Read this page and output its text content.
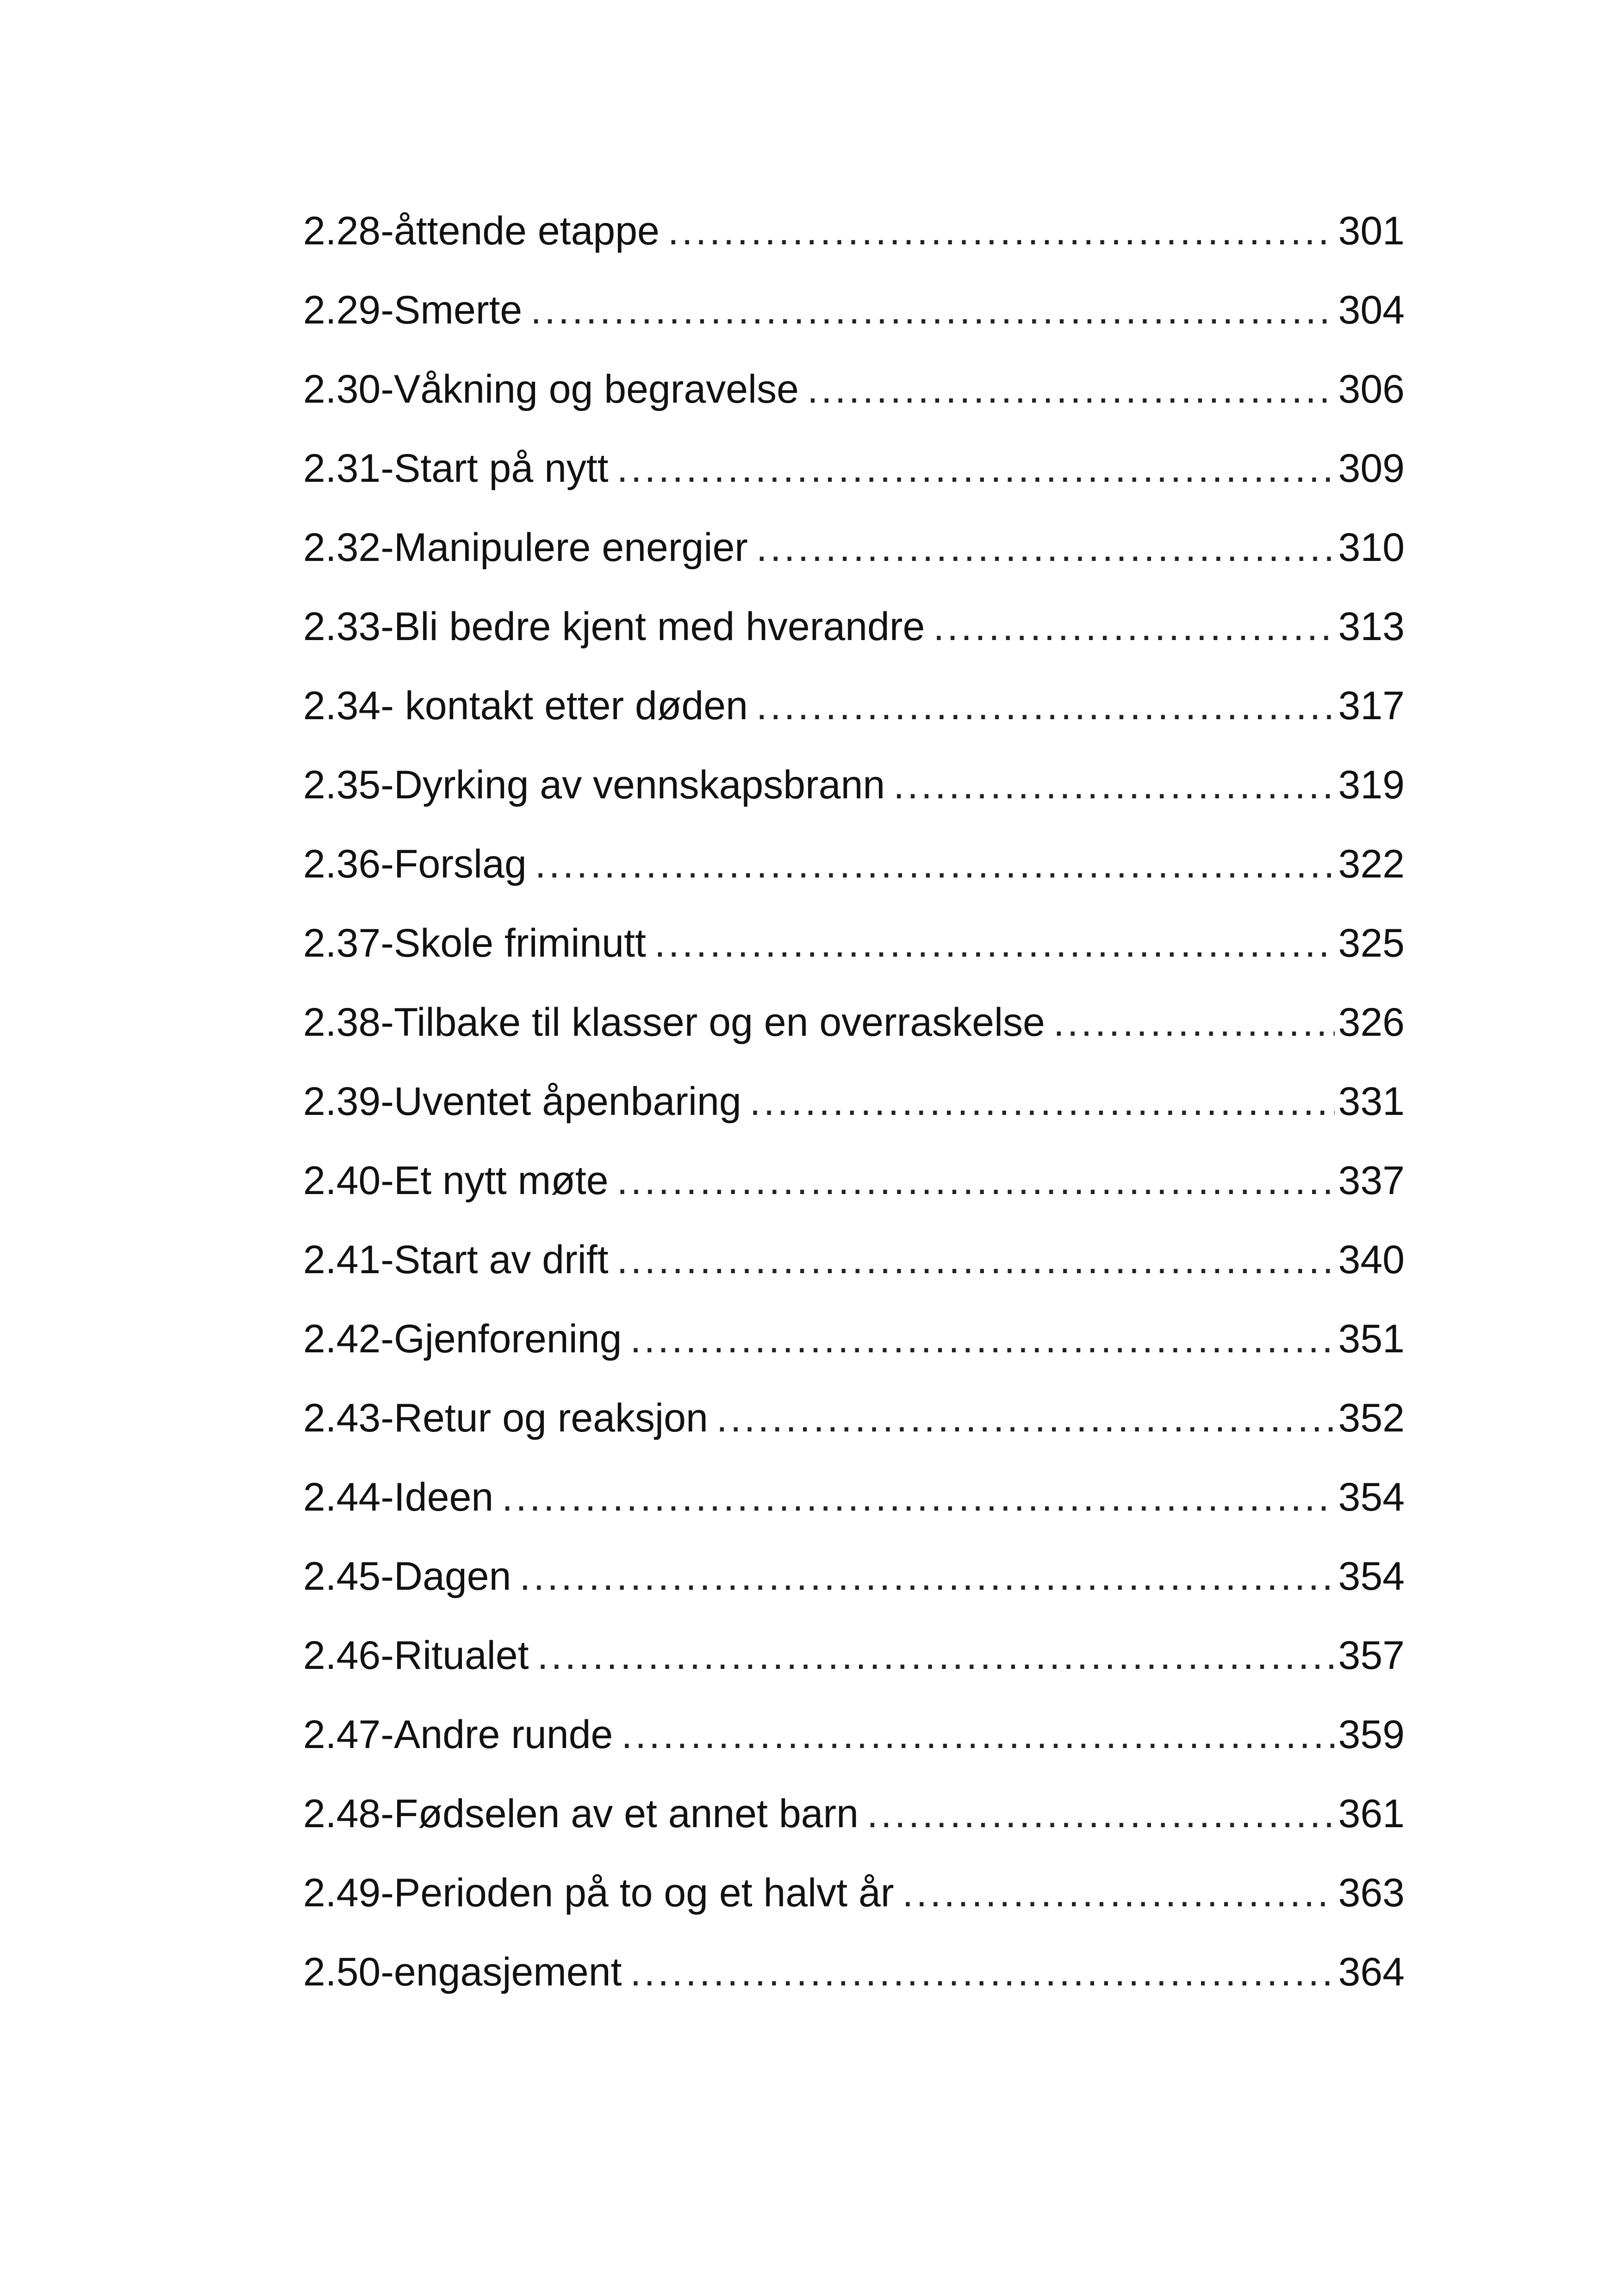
2.28-åttende etappe .....	301
2.29-Smerte .....	304
2.30-Våkning og begravelse .....	306
2.31-Start på nytt .....	309
2.32-Manipulere energier .....	310
2.33-Bli bedre kjent med hverandre .....	313
2.34- kontakt etter døden .....	317
2.35-Dyrking av vennskapsbrann .....	319
2.36-Forslag .....	322
2.37-Skole friminutt .....	325
2.38-Tilbake til klasser og en overraskelse .....	326
2.39-Uventet åpenbaring .....	331
2.40-Et nytt møte .....	337
2.41-Start av drift .....	340
2.42-Gjenforening .....	351
2.43-Retur og reaksjon .....	352
2.44-Ideen .....	354
2.45-Dagen .....	354
2.46-Ritualet .....	357
2.47-Andre runde .....	359
2.48-Fødselen av et annet barn .....	361
2.49-Perioden på to og et halvt år .....	363
2.50-engasjement .....	364
